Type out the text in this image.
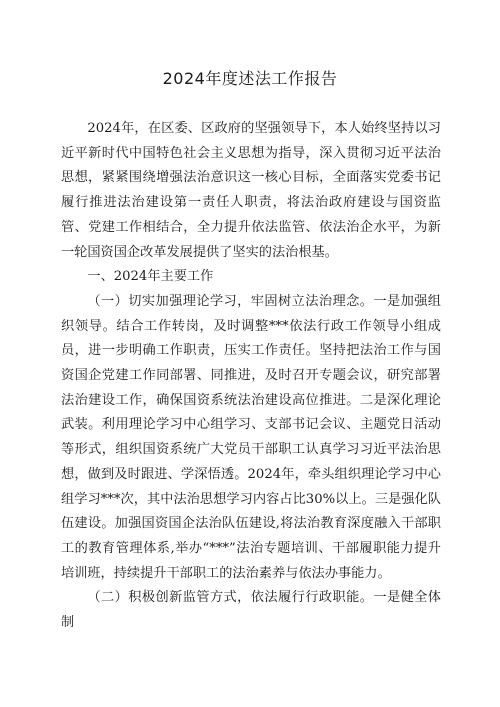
2024年度述法工作报告

2024年，在区委、区政府的坚强领导下，本人始终坚持以习近平新时代中国特色社会主义思想为指导，深入贯彻习近平法治思想，紧紧围绕增强法治意识这一核心目标，全面落实党委书记履行推进法治建设第一责任人职责，将法治政府建设与国资监管、党建工作相结合，全力提升依法监管、依法治企水平，为新一轮国资国企改革发展提供了坚实的法治根基。

一、2024年主要工作

（一）切实加强理论学习，牢固树立法治理念。一是加强组织领导。结合工作转岗，及时调整***依法行政工作领导小组成员，进一步明确工作职责，压实工作责任。坚持把法治工作与国资国企党建工作同部署、同推进，及时召开专题会议，研究部署法治建设工作，确保国资系统法治建设高位推进。二是深化理论武装。利用理论学习中心组学习、支部书记会议、主题党日活动等形式，组织国资系统广大党员干部职工认真学习习近平法治思想，做到及时跟进、学深悟透。2024年，牵头组织理论学习中心组学习***次，其中法治思想学习内容占比30%以上。三是强化队伍建设。加强国资国企法治队伍建设,将法治教育深度融入干部职工的教育管理体系,举办“***”法治专题培训、干部履职能力提升培训班，持续提升干部职工的法治素养与依法办事能力。

（二）积极创新监管方式，依法履行行政职能。一是健全体制
